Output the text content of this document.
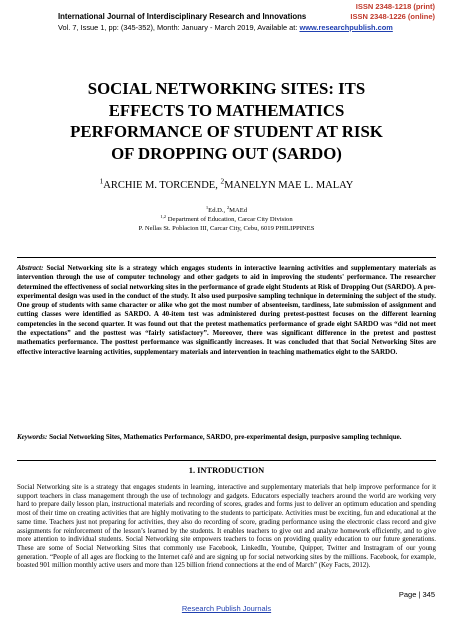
ISSN 2348-1218 (print)
International Journal of Interdisciplinary Research and Innovations	ISSN 2348-1226 (online)
Vol. 7, Issue 1, pp: (345-352), Month: January - March 2019, Available at: www.researchpublish.com
SOCIAL NETWORKING SITES: ITS
EFFECTS TO MATHEMATICS
PERFORMANCE OF STUDENT AT RISK
OF DROPPING OUT (SARDO)
$^1$ARCHIE M. TORCENDE, $^2$MANELYN MAE L. MALAY
$^1$Ed.D., $^2$MAEd
$^{1,2}$ Department of Education, Carcar City Division
P. Nellas St. Poblacion III, Carcar City, Cebu, 6019 PHILIPPINES

Abstract: Social Networking site is a strategy which engages students in interactive learning activities and supplementary materials as intervention through the use of computer technology and other gadgets to aid in improving the students' performance. The researcher determined the effectiveness of social networking sites in the performance of grade eight Students at Risk of Dropping Out (SARDO). A pre-experimental design was used in the conduct of the study. It also used purposive sampling technique in determining the subject of the study. One group of students with same character or alike who got the most number of absenteeism, tardiness, late submission of assignment and cutting classes were identified as SARDO. A 40-item test was administered during pretest-posttest focuses on the different learning competencies in the second quarter. It was found out that the pretest mathematics performance of grade eight SARDO was “did not meet the expectations” and the posttest was “fairly satisfactory”. Moreover, there was significant difference in the pretest and posttest mathematics performance. The posttest performance was significantly increases. It was concluded that that Social Networking Sites are effective interactive learning activities, supplementary materials and intervention in teaching mathematics eight to the SARDO.

Keywords: Social Networking Sites, Mathematics Performance, SARDO, pre-experimental design, purposive sampling technique.

1. INTRODUCTION

Social Networking site is a strategy that engages students in learning, interactive and supplementary materials that help improve performance for it support teachers in class management through the use of technology and gadgets. Educators especially teachers around the world are working very hard to prepare daily lesson plan, instructional materials and recording of scores, grades and forms just to deliver an optimum education and spending most of their time on creating activities that are highly motivating to the students to participate. Activities must be exciting, fun and educational at the same time. Teachers just not preparing for activities, they also do recording of score, grading performance using the electronic class record and give assignments for reinforcement of the lesson’s learned by the students. It enables teachers to give out and analyze homework efficiently, and to give more attention to individual students. Social Networking site empowers teachers to focus on providing quality education to our future generations. These are some of Social Networking Sites that commonly use Facebook, LinkedIn, Youtube, Quipper, Twitter and Instragram of our young generation. “People of all ages are flocking to the Internet café and are signing up for social networking sites by the millions. Facebook, for example, boasted 901 million monthly active users and more than 125 billion friend connections at the end of March” (Key Facts, 2012).

Page | 345
Research Publish Journals
